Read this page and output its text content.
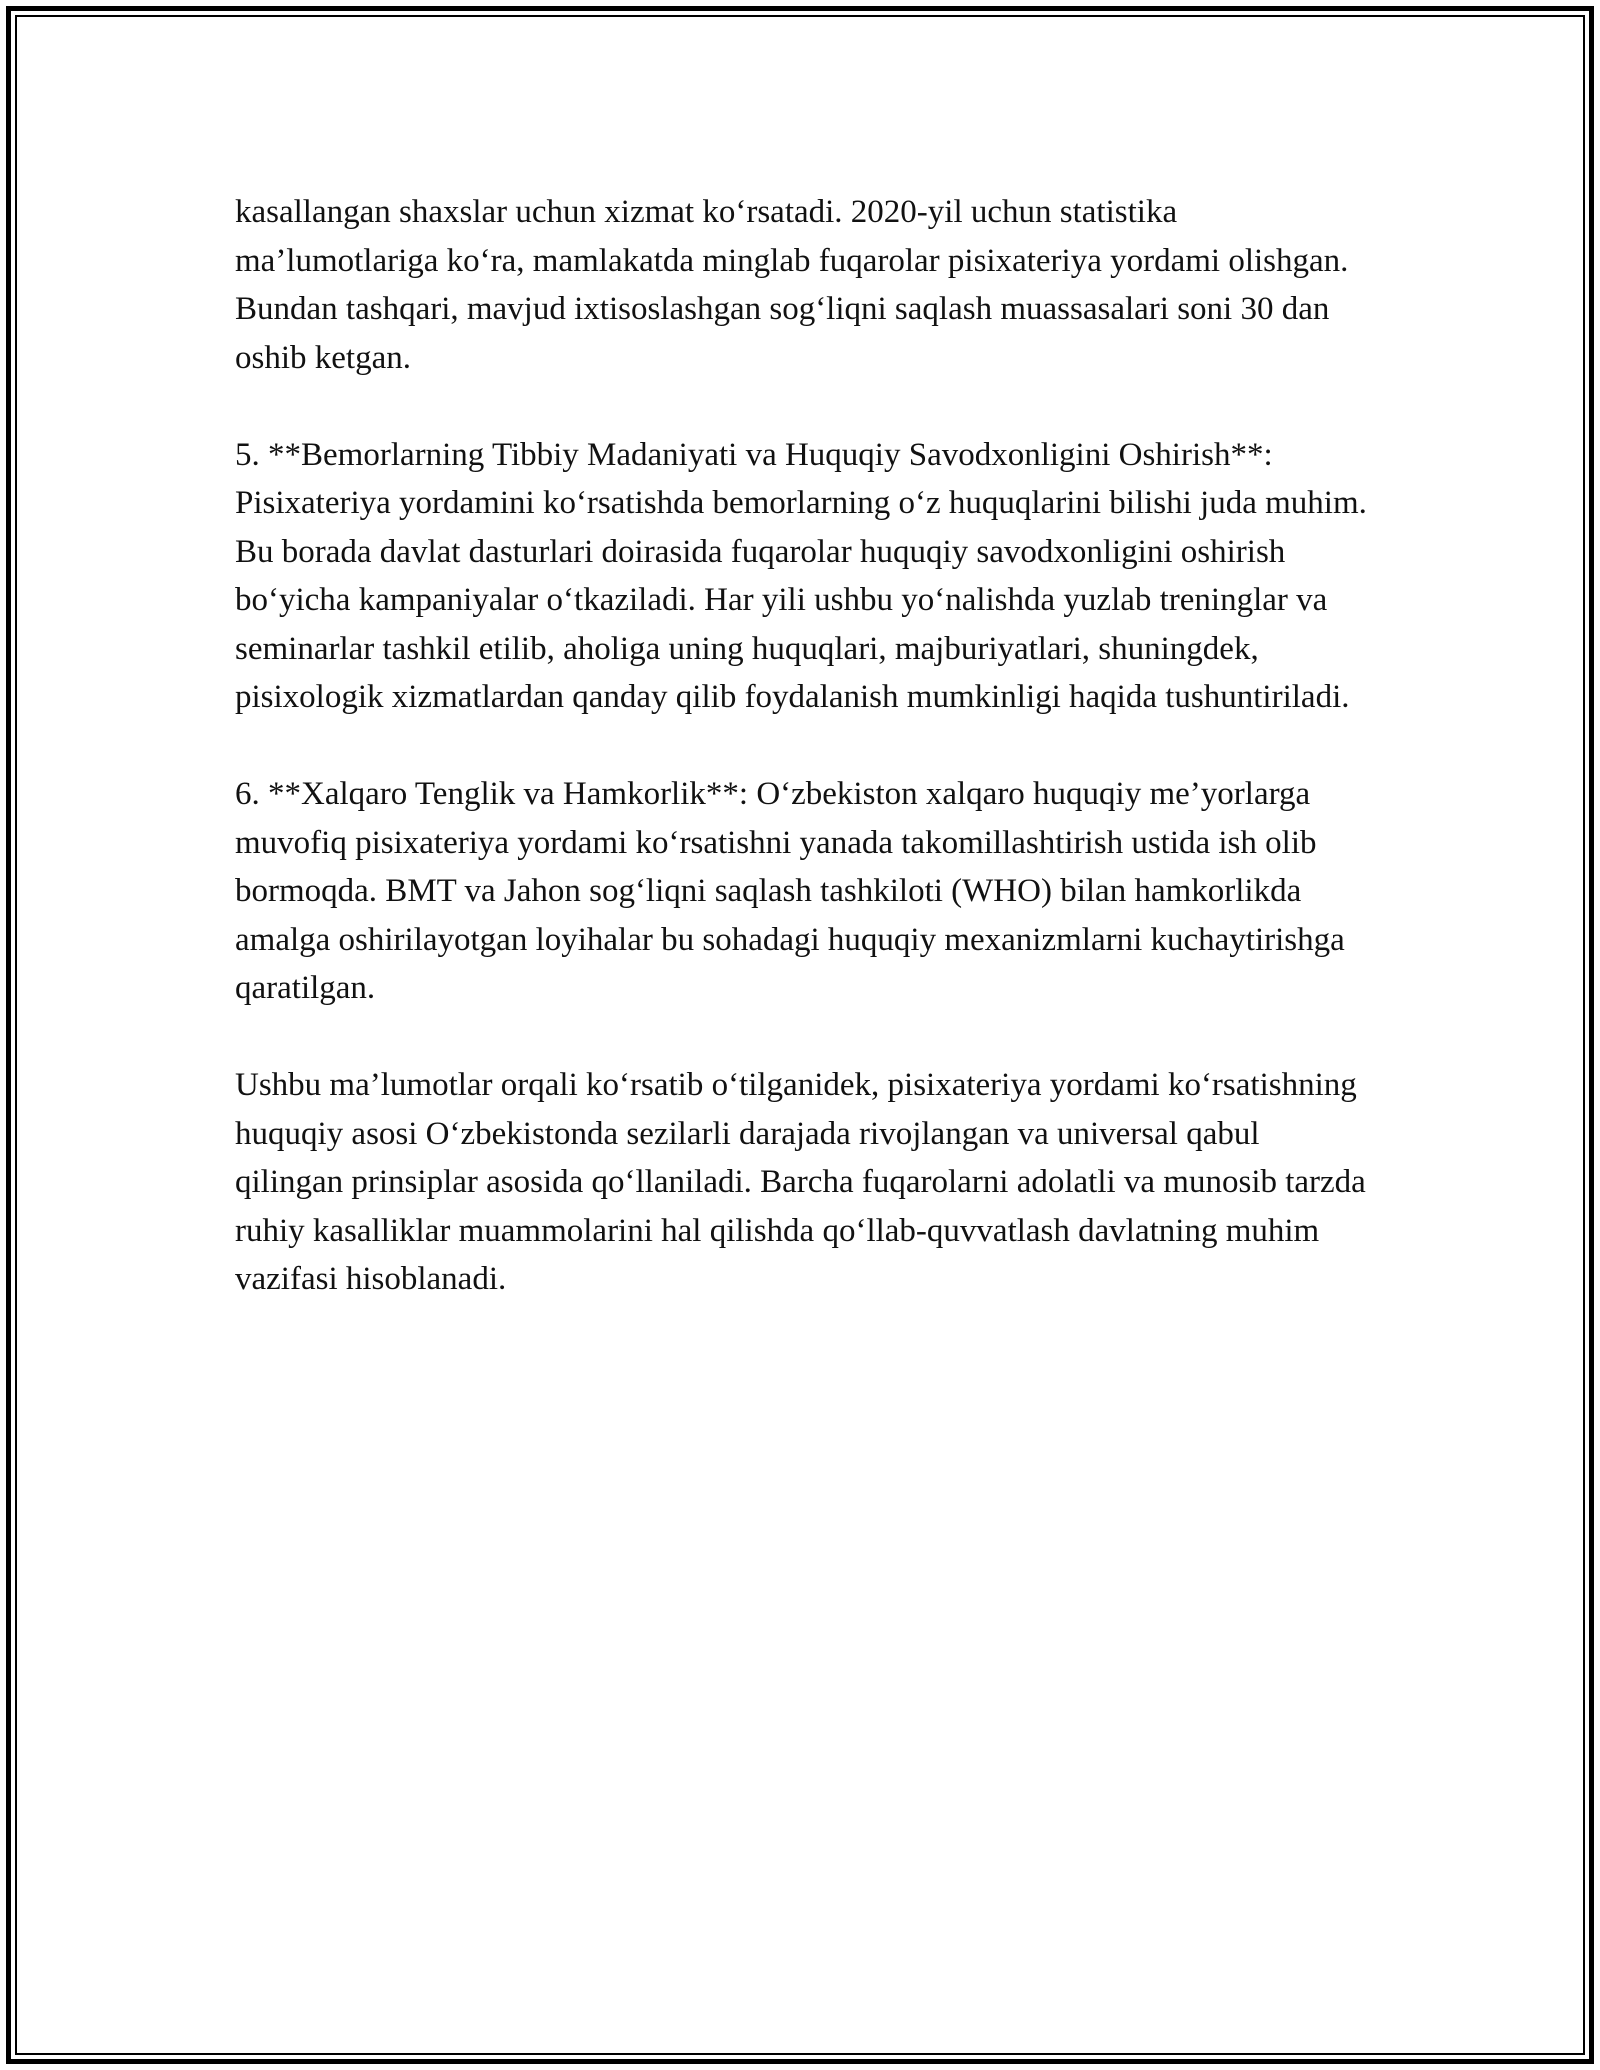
kasallangan shaxslar uchun xizmat ko‘rsatadi. 2020-yil uchun statistika ma’lumotlariga ko‘ra, mamlakatda minglab fuqarolar pisixateriya yordami olishgan. Bundan tashqari, mavjud ixtisoslashgan sog‘liqni saqlash muassasalari soni 30 dan oshib ketgan.

5. **Bemorlarning Tibbiy Madaniyati va Huquqiy Savodxonligini Oshirish**: Pisixateriya yordamini ko‘rsatishda bemorlarning o‘z huquqlarini bilishi juda muhim. Bu borada davlat dasturlari doirasida fuqarolar huquqiy savodxonligini oshirish bo‘yicha kampaniyalar o‘tkaziladi. Har yili ushbu yo‘nalishda yuzlab treninglar va seminarlar tashkil etilib, aholiga uning huquqlari, majburiyatlari, shuningdek, pisixologik xizmatlardan qanday qilib foydalanish mumkinligi haqida tushuntiriladi.

6. **Xalqaro Tenglik va Hamkorlik**: O‘zbekiston xalqaro huquqiy me’yorlarga muvofiq pisixateriya yordami ko‘rsatishni yanada takomillashtirish ustida ish olib bormoqda. BMT va Jahon sog‘liqni saqlash tashkiloti (WHO) bilan hamkorlikda amalga oshirilayotgan loyihalar bu sohadagi huquqiy mexanizmlarni kuchaytirishga qaratilgan.

Ushbu ma’lumotlar orqali ko‘rsatib o‘tilganidek, pisixateriya yordami ko‘rsatishning huquqiy asosi O‘zbekistonda sezilarli darajada rivojlangan va universal qabul qilingan prinsiplar asosida qo‘llaniladi. Barcha fuqarolarni adolatli va munosib tarzda ruhiy kasalliklar muammolarini hal qilishda qo‘llab-quvvatlash davlatning muhim vazifasi hisoblanadi.
